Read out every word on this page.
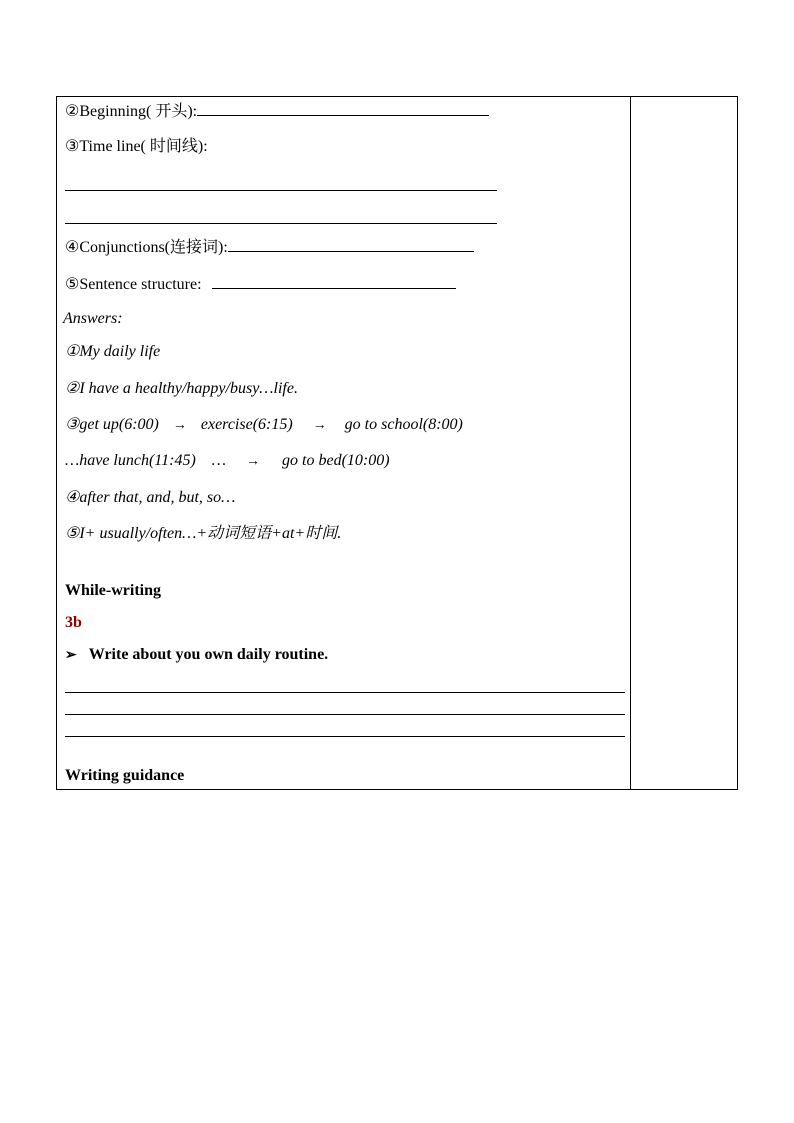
②Beginning( 开头):
③Time line( 时间线):
④Conjunctions(连接词):
⑤Sentence structure:
Answers:
①My daily life
②I have a healthy/happy/busy…life.
③get up(6:00) → exercise(6:15) → go to school(8:00)
…have lunch(11:45) … → go to bed(10:00)
④after that, and, but, so…
⑤I+ usually/often…+动词短语+at+时间.
While-writing
3b
➢ Write about you own daily routine.
Writing guidance
